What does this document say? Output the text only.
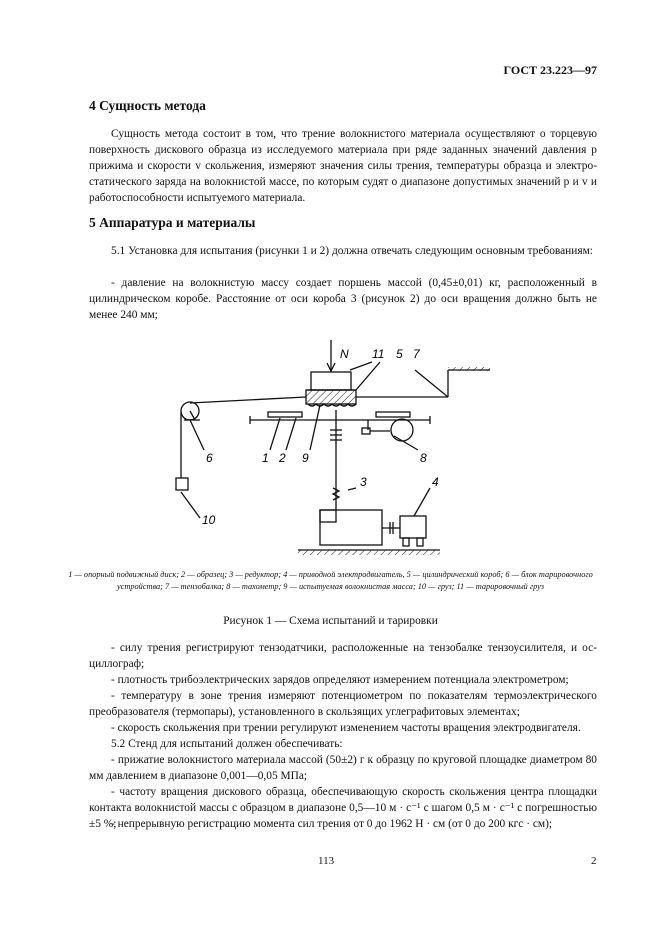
ГОСТ 23.223—97
4 Сущность метода
Сущность метода состоит в том, что трение волокнистого материала осуществляют о торцевую поверхность дискового образца из исследуемого материала при ряде заданных значений давления p прижима и скорости v скольжения, измеряют значения силы трения, температуры образца и электростатического заряда на волокнистой массе, по которым судят о диапазоне допустимых значений p и v и работоспособности испытуемого материала.
5 Аппаратура и материалы
5.1 Установка для испытания (рисунки 1 и 2) должна отвечать следующим основным требованиям:
- давление на волокнистую массу создает поршень массой (0,45±0,01) кг, расположенный в цилиндрическом коробе. Расстояние от оси короба 3 (рисунок 2) до оси вращения должно быть не менее 240 мм;
N 11 5 7
6	1 2 9	8
3	4
10
1 — опорный подвижный диск; 2 — образец; 3 — редуктор; 4 — приводной электродвигатель, 5 — цилиндрический короб; 6 — блок тарировочного устройства; 7 — тензобалка; 8 — тахометр; 9 — испытуемая волокнистая масса; 10 — груз; 11 — тарировочный груз
Рисунок 1 — Схема испытаний и тарировки
- силу трения регистрируют тензодатчики, расположенные на тензобалке тензоусилителя, и осциллограф;
- плотность трибоэлектрических зарядов определяют измерением потенциала электрометром;
- температуру в зоне трения измеряют потенциометром по показателям термоэлектрического преобразователя (термопары), установленного в скользящих углеграфитовых элементах;
- скорость скольжения при трении регулируют изменением частоты вращения электродвигателя.
5.2 Стенд для испытаний должен обеспечивать:
- прижатие волокнистого материала массой (50±2) г к образцу по круговой площадке диаметром 80 мм давлением в диапазоне 0,001—0,05 МПа;
- частоту вращения дискового образца, обеспечивающую скорость скольжения центра площадки контакта волокнистой массы с образцом в диапазоне 0,5—10 м · с⁻¹ с шагом 0,5 м · с⁻¹ с погрешностью ±5 %;
- непрерывную регистрацию момента сил трения от 0 до 1962 Н · см (от 0 до 200 кгс · см);
113	2
